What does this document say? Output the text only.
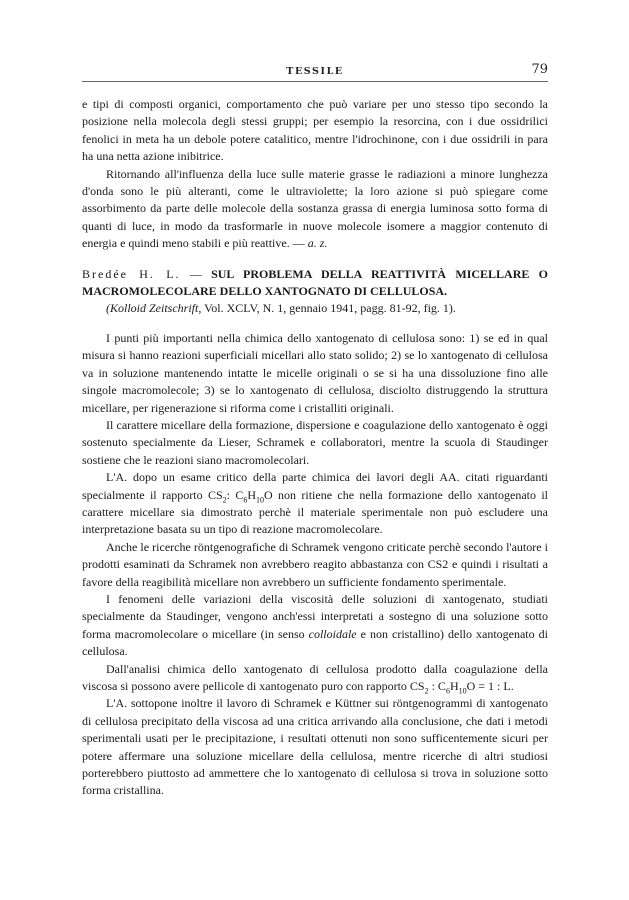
TESSILE	79

e tipi di composti organici, comportamento che può variare per uno stesso tipo secondo la posizione nella molecola degli stessi gruppi; per esempio la resorcina, con i due ossidrilici fenolici in meta ha un debole potere catalitico, mentre l'idrochinone, con i due ossidrili in para ha una netta azione inibitrice.

Ritornando all'influenza della luce sulle materie grasse le radiazioni a minore lunghezza d'onda sono le più alteranti, come le ultraviolette; la loro azione si può spiegare come assorbimento da parte delle molecole della sostanza grassa di energia luminosa sotto forma di quanti di luce, in modo da trasformarle in nuove molecole isomere a maggior contenuto di energia e quindi meno stabili e più reattive. — a. z.

Bredée H. L. — SUL PROBLEMA DELLA REATTIVITÀ MICELLARE O MACROMOLECOLARE DELLO XANTOGNATO DI CELLULOSA.

(Kolloid Zeitschrift, Vol. XCLV, N. 1, gennaio 1941, pagg. 81-92, fig. 1).

I punti più importanti nella chimica dello xantogenato di cellulosa sono: 1) se ed in qual misura si hanno reazioni superficiali micellari allo stato solido; 2) se lo xantogenato di cellulosa va in soluzione mantenendo intatte le micelle originali o se si ha una dissoluzione fino alle singole macromolecole; 3) se lo xantogenato di cellulosa, disciolto distruggendo la struttura micellare, per rigenerazione si riforma come i cristalliti originali.

Il carattere micellare della formazione, dispersione e coagulazione dello xantogenato è oggi sostenuto specialmente da Lieser, Schramek e collaboratori, mentre la scuola di Staudinger sostiene che le reazioni siano macromolecolari.

L'A. dopo un esame critico della parte chimica dei lavori degli AA. citati riguardanti specialmente il rapporto $CS_2$: $C_6H_{10}O$ non ritiene che nella formazione dello xantogenato il carattere micellare sia dimostrato perchè il materiale sperimentale non può escludere una interpretazione basata su un tipo di reazione macromolecolare.

Anche le ricerche röntgenografiche di Schramek vengono criticate perchè secondo l'autore i prodotti esaminati da Schramek non avrebbero reagito abbastanza con CS2 e quindi i risultati a favore della reagibilità micellare non avrebbero un sufficiente fondamento sperimentale.

I fenomeni delle variazioni della viscosità delle soluzioni di xantogenato, studiati specialmente da Staudinger, vengono anch'essi interpretati a sostegno di una soluzione sotto forma macromolecolare o micellare (in senso colloidale e non cristallino) dello xantogenato di cellulosa.

Dall'analisi chimica dello xantogenato di cellulosa prodotto dalla coagulazione della viscosa si possono avere pellicole di xantogenato puro con rapporto $CS_2$ : $C_6H_{10}O = 1$ : L.

L'A. sottopone inoltre il lavoro di Schramek e Küttner sui röntgenogrammi di xantogenato di cellulosa precipitato della viscosa ad una critica arrivando alla conclusione, che dati i metodi sperimentali usati per le precipitazione, i resultati ottenuti non sono sufficentemente sicuri per potere affermare una soluzione micellare della cellulosa, mentre ricerche di altri studiosi porterebbero piuttosto ad ammettere che lo xantogenato di cellulosa si trova in soluzione sotto forma cristallina.
